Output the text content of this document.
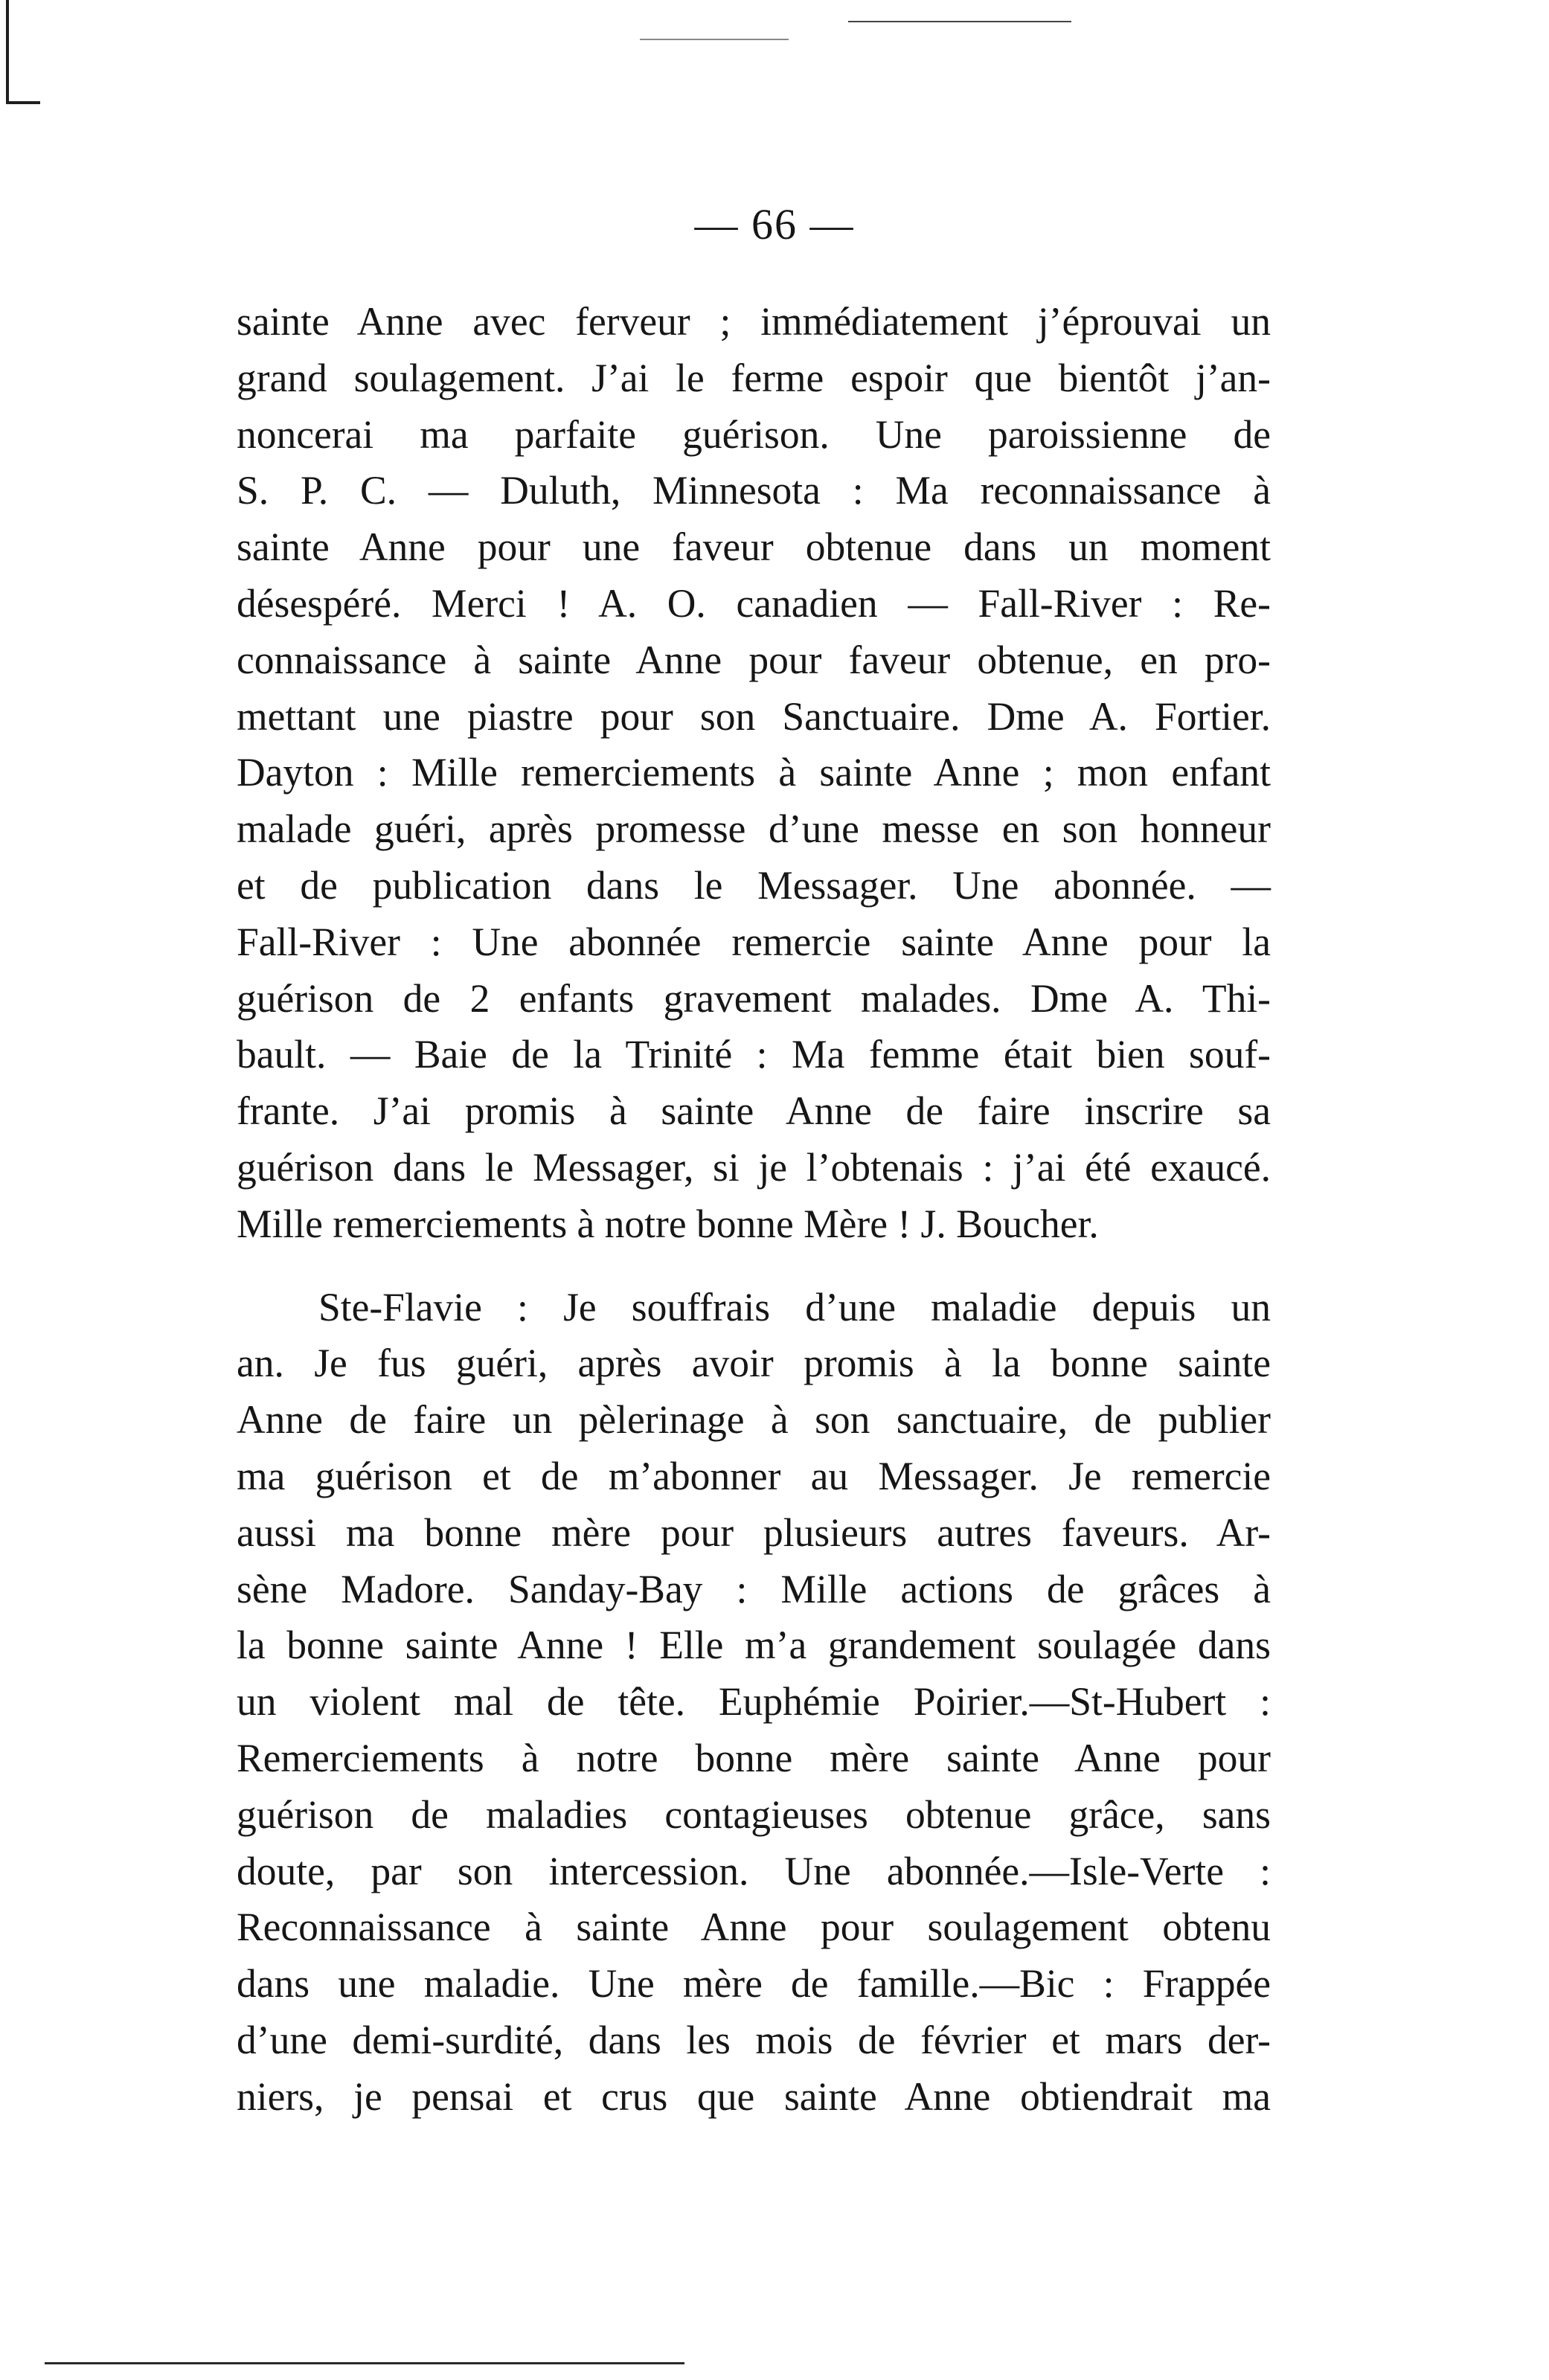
— 66 —

sainte Anne avec ferveur ; immédiatement j’éprouvai un

grand soulagement. J’ai le ferme espoir que bientôt j’an-

noncerai ma parfaite guérison. Une paroissienne de

S. P. C. — Duluth, Minnesota : Ma reconnaissance à

sainte Anne pour une faveur obtenue dans un moment

désespéré. Merci ! A. O. canadien — Fall-River : Re-

connaissance à sainte Anne pour faveur obtenue, en pro-

mettant une piastre pour son Sanctuaire. Dme A. Fortier.

Dayton : Mille remerciements à sainte Anne ; mon enfant

malade guéri, après promesse d’une messe en son honneur

et de publication dans le Messager. Une abonnée. —

Fall-River : Une abonnée remercie sainte Anne pour la

guérison de 2 enfants gravement malades. Dme A. Thi-

bault. — Baie de la Trinité : Ma femme était bien souf-

frante. J’ai promis à sainte Anne de faire inscrire sa

guérison dans le Messager, si je l’obtenais : j’ai été exaucé.

Mille remerciements à notre bonne Mère ! J. Boucher.

Ste-Flavie : Je souffrais d’une maladie depuis un

an. Je fus guéri, après avoir promis à la bonne sainte

Anne de faire un pèlerinage à son sanctuaire, de publier

ma guérison et de m’abonner au Messager. Je remercie

aussi ma bonne mère pour plusieurs autres faveurs. Ar-

sène Madore. Sanday-Bay : Mille actions de grâces à

la bonne sainte Anne ! Elle m’a grandement soulagée dans

un violent mal de tête. Euphémie Poirier.—St-Hubert :

Remerciements à notre bonne mère sainte Anne pour

guérison de maladies contagieuses obtenue grâce, sans

doute, par son intercession. Une abonnée.—Isle-Verte :

Reconnaissance à sainte Anne pour soulagement obtenu

dans une maladie. Une mère de famille.—Bic : Frappée

d’une demi-surdité, dans les mois de février et mars der-

niers, je pensai et crus que sainte Anne obtiendrait ma
